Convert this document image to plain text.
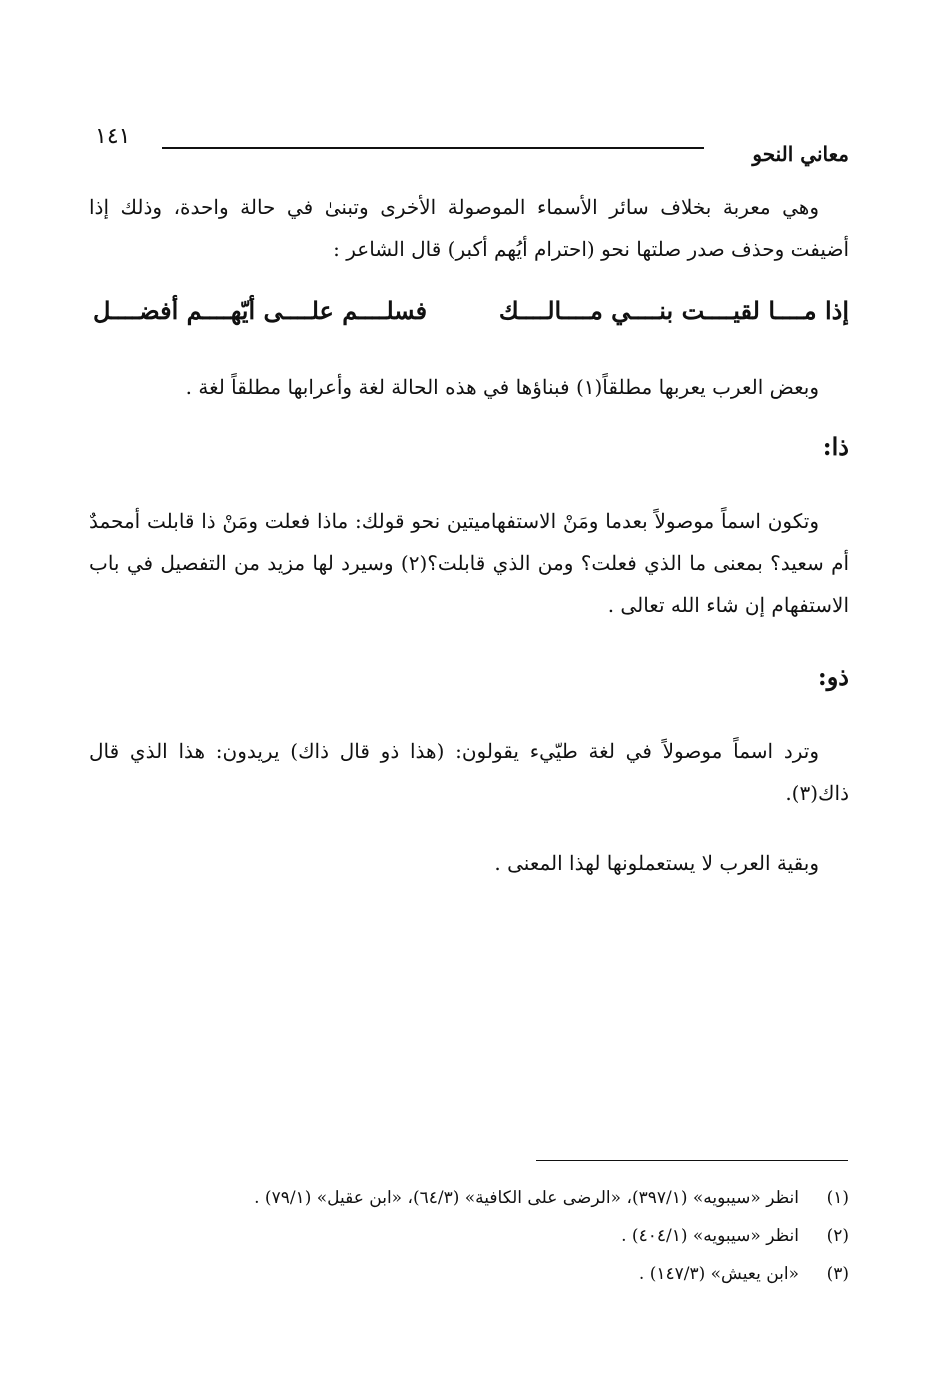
معاني النحو
١٤١
وهي معربة بخلاف سائر الأسماء الموصولة الأخرى وتبنىٰ في حالة واحدة، وذلك إذا أضيفت وحذف صدر صلتها نحو (احترام أيُهم أكبر) قال الشاعر :
إذا مــــا لقيــــت بنــــي مــــالــــك
فسلــــم علــــى أيّهــــم أفضــــل
وبعض العرب يعربها مطلقاً(١) فبناؤها في هذه الحالة لغة وأعرابها مطلقاً لغة .
ذا:
وتكون اسماً موصولاً بعدما ومَنْ الاستفهاميتين نحو قولك: ماذا فعلت ومَنْ ذا قابلت أمحمدٌ أم سعيد؟ بمعنى ما الذي فعلت؟ ومن الذي قابلت؟(٢) وسيرد لها مزيد من التفصيل في باب الاستفهام إن شاء الله تعالى .
ذو:
وترد اسماً موصولاً في لغة طيّيء يقولون: (هذا ذو قال ذاك) يريدون: هذا الذي قال ذاك(٣).
وبقية العرب لا يستعملونها لهذا المعنى .
(١)انظر «سيبويه» (٣٩٧/١)، «الرضى على الكافية» (٦٤/٣)، «ابن عقيل» (٧٩/١) .
(٢)انظر «سيبويه» (٤٠٤/١) .
(٣)«ابن يعيش» (١٤٧/٣) .
